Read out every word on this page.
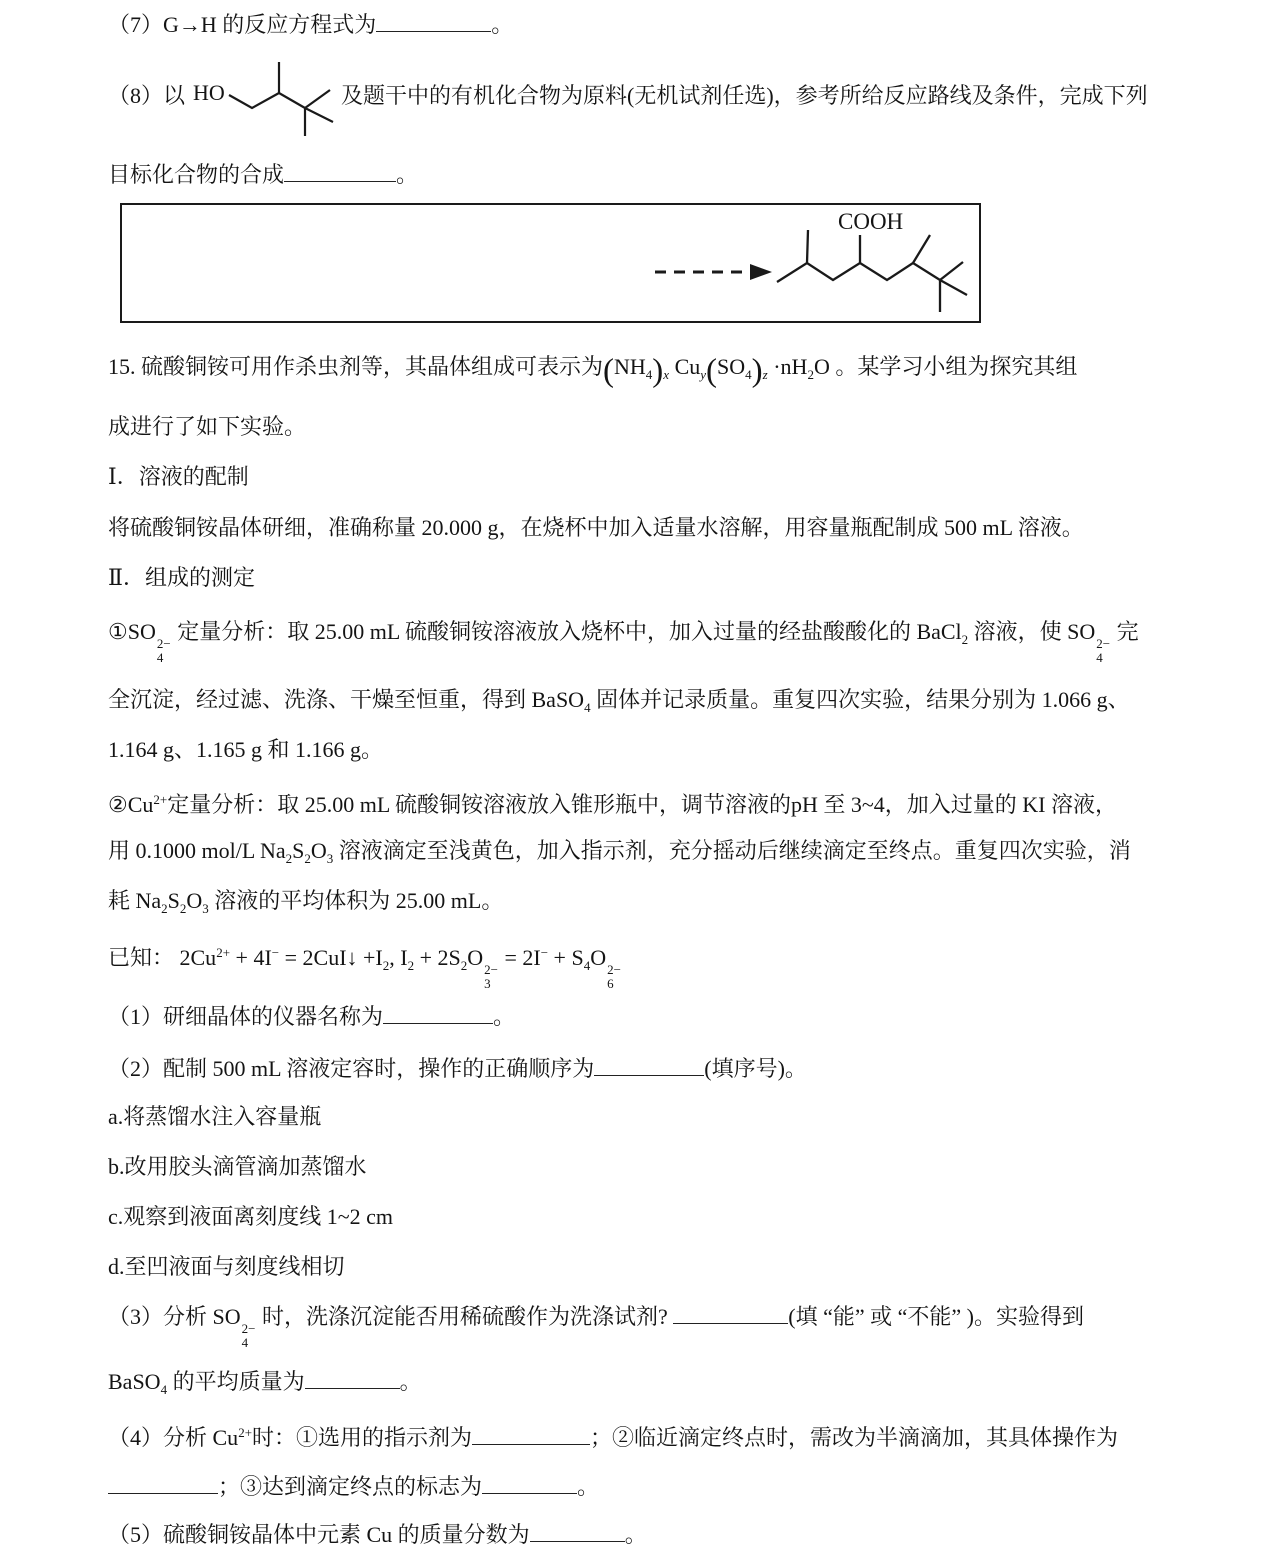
（7）G→H 的反应方程式为	。
（8）以 HO	及题干中的有机化合物为原料(无机试剂任选)，参考所给反应路线及条件，完成下列
目标化合物的合成	。
COOH
15. 硫酸铜铵可用作杀虫剂等，其晶体组成可表示为$(NH_4)_x$ $Cu_y(SO_4)_z \cdot nH_2O$ 。某学习小组为探究其组
成进行了如下实验。
Ⅰ．溶液的配制
将硫酸铜铵晶体研细，准确称量 20.000 g，在烧杯中加入适量水溶解，用容量瓶配制成 500 mL 溶液。
Ⅱ．组成的测定
①SO 2−
4
定量分析：取 25.00 mL 硫酸铜铵溶液放入烧杯中，加入过量的经盐酸酸化的 BaCl$_2$ 溶液，使 SO 2−
4
完
全沉淀，经过滤、洗涤、干燥至恒重，得到 BaSO$_4$ 固体并记录质量。重复四次实验，结果分别为 1.066 g、
1.164 g、1.165 g 和 1.166 g。
$②Cu^{2+}$定量分析：取 25.00 mL 硫酸铜铵溶液放入锥形瓶中，调节溶液的pH 至 3~4，加入过量的 KI 溶液，
用 0.1000 mol/L $Na_2S_2O_3$ 溶液滴定至浅黄色，加入指示剂，充分摇动后继续滴定至终点。重复四次实验，消
耗 $Na_2S_2O_3$ 溶液的平均体积为 25.00 mL。
已知： $2Cu^{2+} + 4I^-$ = 2CuI↓ $+I_2$, $I_2 + 2S_2O$ 2−
3
= $2I^- + S_4O$ 2−
6
（1）研细晶体的仪器名称为	。
（2）配制 500 mL 溶液定容时，操作的正确顺序为	(填序号)。
a.将蒸馏水注入容量瓶
b.改用胶头滴管滴加蒸馏水
c.观察到液面离刻度线 1~2 cm
d.至凹液面与刻度线相切
（3）分析 SO 2−
4
时，洗涤沉淀能否用稀硫酸作为洗涤试剂?	(填 “能” 或 “不能” )。实验得到
BaSO$_4$ 的平均质量为	。
（4）分析 $Cu^{2+}$时：①选用的指示剂为	；②临近滴定终点时，需改为半滴滴加，其具体操作为
；③达到滴定终点的标志为	。
（5）硫酸铜铵晶体中元素 Cu 的质量分数为	。
